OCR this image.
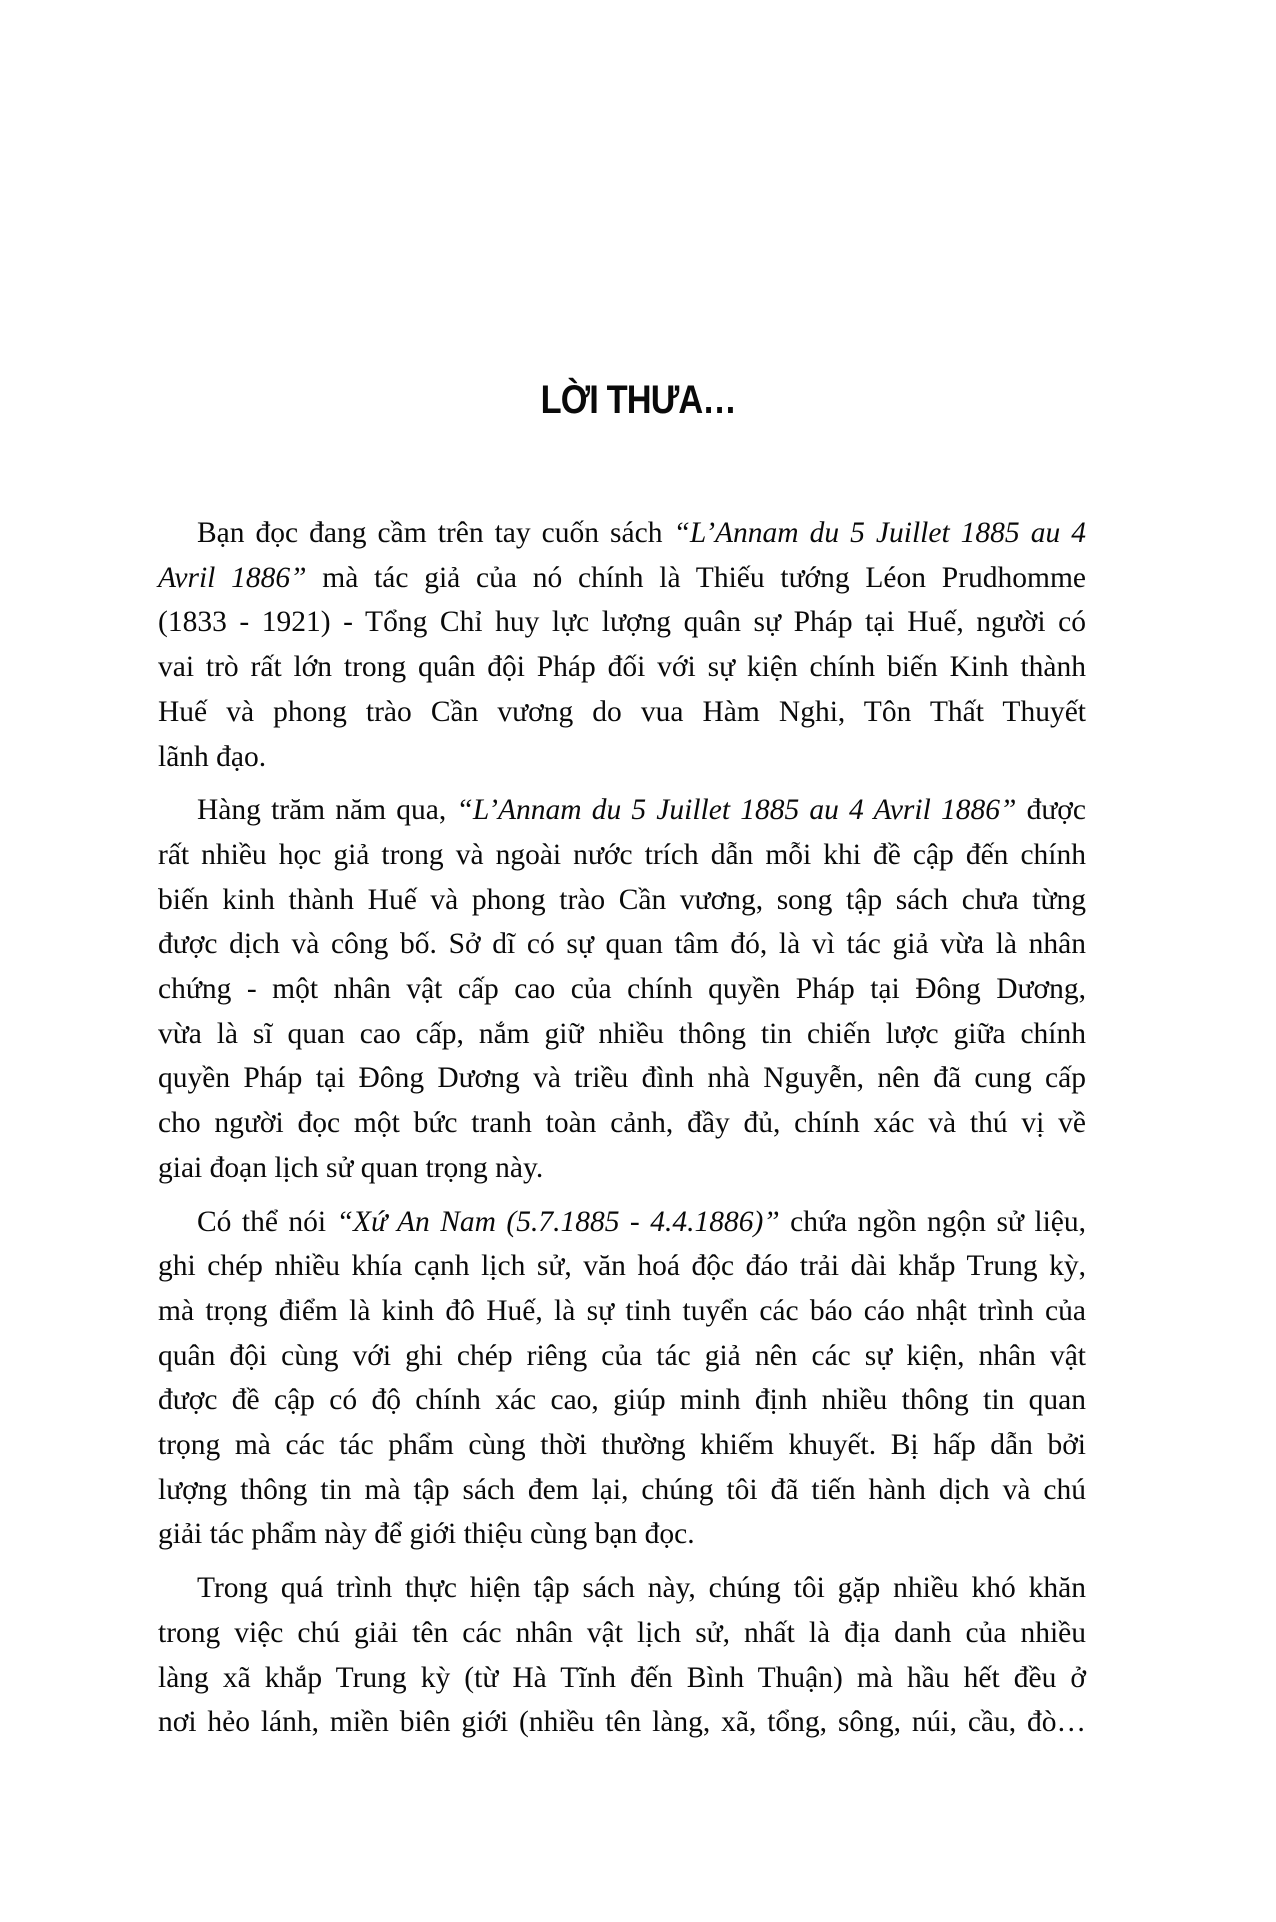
LỜI THƯA…

Bạn đọc đang cầm trên tay cuốn sách “L’Annam du 5 Juillet 1885 au 4
Avril 1886” mà tác giả của nó chính là Thiếu tướng Léon Prudhomme
(1833 - 1921) - Tổng Chỉ huy lực lượng quân sự Pháp tại Huế, người có
vai trò rất lớn trong quân đội Pháp đối với sự kiện chính biến Kinh thành
Huế và phong trào Cần vương do vua Hàm Nghi, Tôn Thất Thuyết
lãnh đạo.

Hàng trăm năm qua, “L’Annam du 5 Juillet 1885 au 4 Avril 1886” được
rất nhiều học giả trong và ngoài nước trích dẫn mỗi khi đề cập đến chính
biến kinh thành Huế và phong trào Cần vương, song tập sách chưa từng
được dịch và công bố. Sở dĩ có sự quan tâm đó, là vì tác giả vừa là nhân
chứng - một nhân vật cấp cao của chính quyền Pháp tại Đông Dương,
vừa là sĩ quan cao cấp, nắm giữ nhiều thông tin chiến lược giữa chính
quyền Pháp tại Đông Dương và triều đình nhà Nguyễn, nên đã cung cấp
cho người đọc một bức tranh toàn cảnh, đầy đủ, chính xác và thú vị về
giai đoạn lịch sử quan trọng này.

Có thể nói “Xứ An Nam (5.7.1885 - 4.4.1886)” chứa ngồn ngộn sử liệu,
ghi chép nhiều khía cạnh lịch sử, văn hoá độc đáo trải dài khắp Trung kỳ,
mà trọng điểm là kinh đô Huế, là sự tinh tuyển các báo cáo nhật trình của
quân đội cùng với ghi chép riêng của tác giả nên các sự kiện, nhân vật
được đề cập có độ chính xác cao, giúp minh định nhiều thông tin quan
trọng mà các tác phẩm cùng thời thường khiếm khuyết. Bị hấp dẫn bởi
lượng thông tin mà tập sách đem lại, chúng tôi đã tiến hành dịch và chú
giải tác phẩm này để giới thiệu cùng bạn đọc.

Trong quá trình thực hiện tập sách này, chúng tôi gặp nhiều khó khăn
trong việc chú giải tên các nhân vật lịch sử, nhất là địa danh của nhiều
làng xã khắp Trung kỳ (từ Hà Tĩnh đến Bình Thuận) mà hầu hết đều ở
nơi hẻo lánh, miền biên giới (nhiều tên làng, xã, tổng, sông, núi, cầu, đò…
